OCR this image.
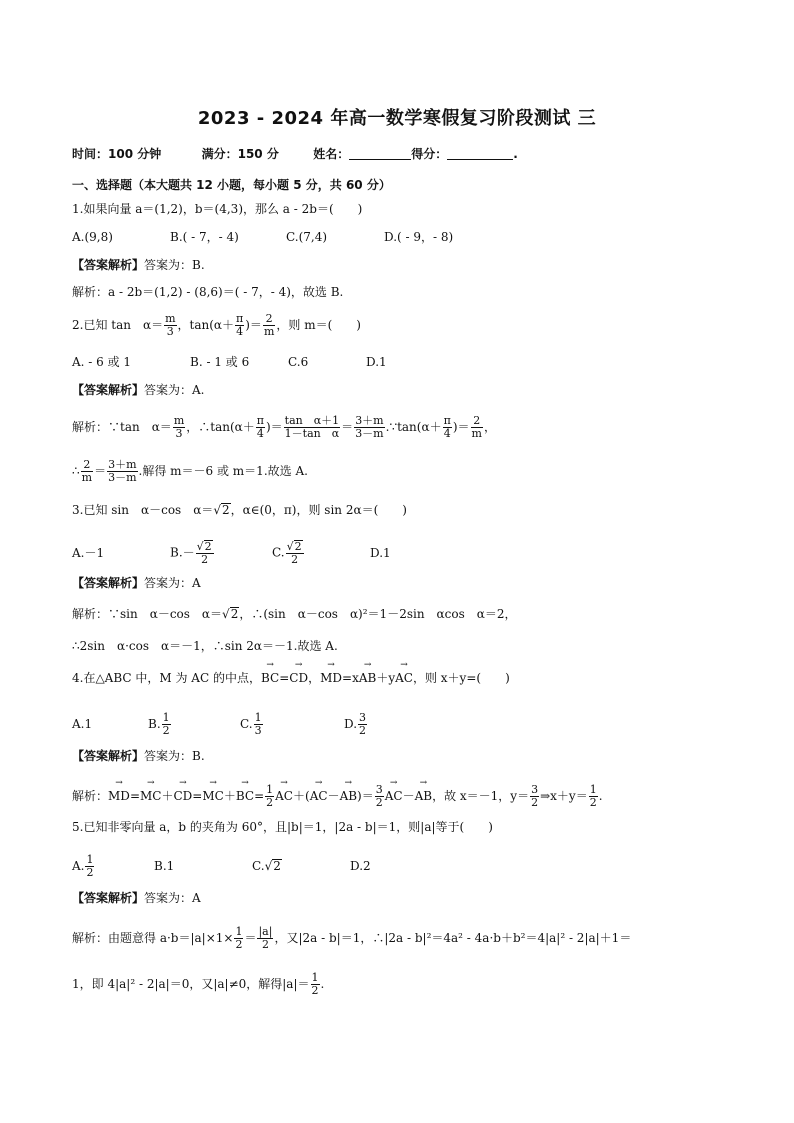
2023 - 2024 年高一数学寒假复习阶段测试 三
时间：100 分钟	满分：150 分	姓名：	得分：	.
一、选择题（本大题共 12 小题，每小题 5 分，共 60 分）
1.如果向量 a＝(1,2)，b＝(4,3)，那么 a - 2b＝(　　)
A.(9,8)	B.( - 7，- 4)	C.(7,4)	D.( - 9，- 8)
【答案解析】答案为：B.
解析：a - 2b＝(1,2) - (8,6)＝( - 7，- 4)，故选 B.
2.已知 tan　$\alpha= \frac{m}{3}$ ，$\tan(\alpha+ \frac{\pi}{4}$ )＝ $\frac{2}{m}$ ，则 m＝(　　)
A. - 6 或 1	B. - 1 或 6	C.6	D.1
【答案解析】答案为：A.
解析：∵tan　$\alpha= \frac{m}{3}$ ，∴tan(α＋ $\frac{\pi}{4}$ )＝ $\frac{\text{tan　α＋1}}{\text{1－tan　α}} = \frac{3+m}{3-m}$ .∵tan(α＋ $\frac{\pi}{4}$ )＝ $\frac{2}{m}$ ，
∴ $\frac{2}{m} = \frac{3+m}{3-m}$ .解得 m＝－6 或 m＝1.故选 A.
3.已知 sin　α－cos　α＝√2，α∈(0，π)，则 sin 2α＝(　　)
A.－1	$B.- \frac{√2}{2}$	C. $\frac{√2}{2}$	D.1
【答案解析】答案为：A
解析：∵sin　α－cos　α＝√2，∴(sin　α－cos　α)²＝1－2sin　αcos　α＝2，
∴2sin　α·cos　α＝－1，∴sin 2α＝－1.故选 A.
4.在△ABC 中，M 为 AC 的中点，→ BC=→ CD，→ MD=x→ AB＋y→ AC，则 x＋y=(　　)
A.1	B. $\frac{1}{2}$	C. $\frac{1}{3}$	D. $\frac{3}{2}$
【答案解析】答案为：B.
解析：→ $MD=\to MC+\to CD=\to MC+\to BC= \frac{1}{2}$
→ $AC+(\to AC-\to AB)= \frac{3}{2}$
→ AC－→ AB，故 x＝－1，$y= \frac{3}{2}$ ⇒x＋y＝ $\frac{1}{2}$ .
5.已知非零向量 a，b 的夹角为 60°，且|b|＝1，|2a - b|＝1，则|a|等于(　　)
A. $\frac{1}{2}$	B.1	C.√2	D.2
【答案解析】答案为：A
解析：由题意得 $a\cdot b=|a|\times 1\times \frac{1}{2} = \frac{|a|}{2}$ ，又|2a - b|＝1，∴|2a - b|²＝4a² - 4a·b＋b²＝4|a|² - 2|a|＋1＝
1，即 4|a|² - 2|a|＝0，又|a|≠0，解得$|a|= \frac{1}{2}$ .
